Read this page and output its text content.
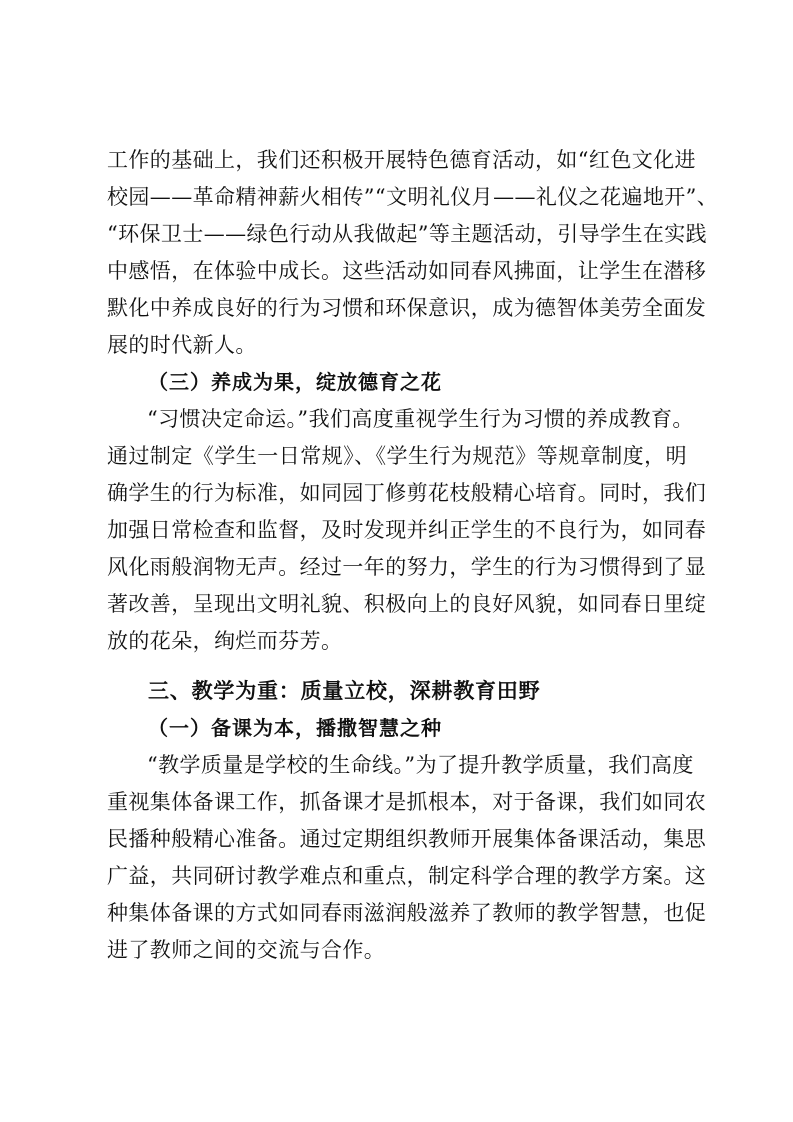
工作的基础上，我们还积极开展特色德育活动，如“红色文化进
校园——革命精神薪火相传”“文明礼仪月——礼仪之花遍地开”、
“环保卫士——绿色行动从我做起”等主题活动，引导学生在实践
中感悟，在体验中成长。这些活动如同春风拂面，让学生在潜移
默化中养成良好的行为习惯和环保意识，成为德智体美劳全面发
展的时代新人。
（三）养成为果，绽放德育之花
“习惯决定命运。”我们高度重视学生行为习惯的养成教育。
通过制定《学生一日常规》、《学生行为规范》等规章制度，明
确学生的行为标准，如同园丁修剪花枝般精心培育。同时，我们
加强日常检查和监督，及时发现并纠正学生的不良行为，如同春
风化雨般润物无声。经过一年的努力，学生的行为习惯得到了显
著改善，呈现出文明礼貌、积极向上的良好风貌，如同春日里绽
放的花朵，绚烂而芬芳。
三、教学为重：质量立校，深耕教育田野
（一）备课为本，播撒智慧之种
“教学质量是学校的生命线。”为了提升教学质量，我们高度
重视集体备课工作，抓备课才是抓根本，对于备课，我们如同农
民播种般精心准备。通过定期组织教师开展集体备课活动，集思
广益，共同研讨教学难点和重点，制定科学合理的教学方案。这
种集体备课的方式如同春雨滋润般滋养了教师的教学智慧，也促
进了教师之间的交流与合作。
